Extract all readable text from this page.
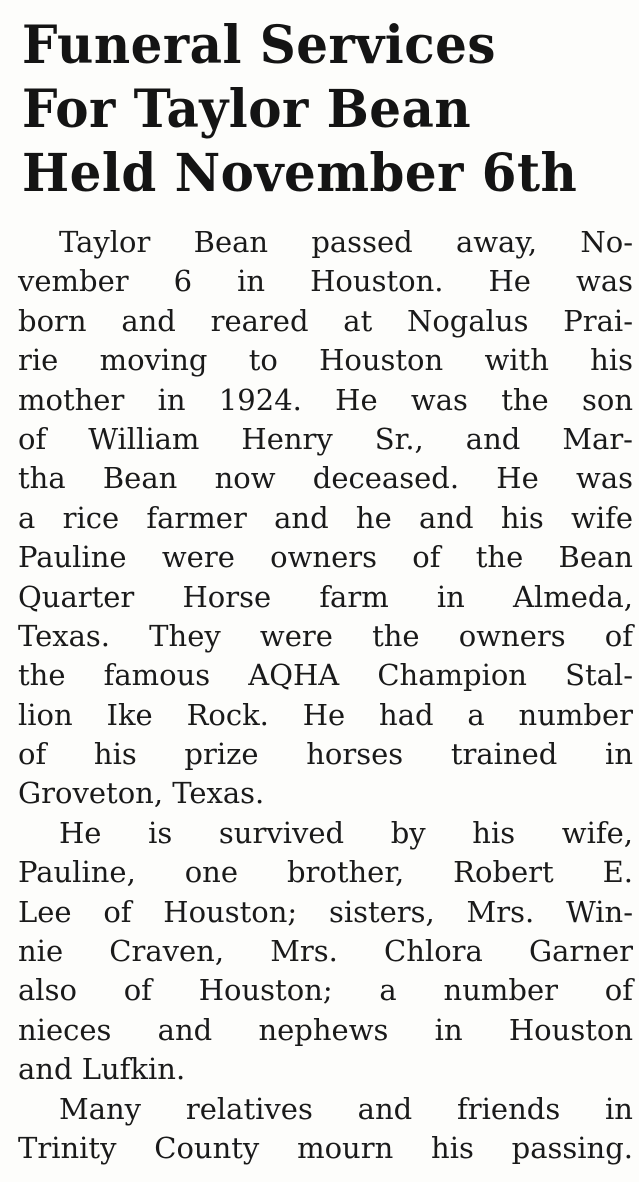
Funeral Services
For Taylor Bean
Held November 6th
Taylor Bean passed away, No-
vember 6 in Houston. He was
born and reared at Nogalus Prai-
rie moving to Houston with his
mother in 1924. He was the son
of William Henry Sr., and Mar-
tha Bean now deceased. He was
a rice farmer and he and his wife
Pauline were owners of the Bean
Quarter Horse farm in Almeda,
Texas. They were the owners of
the famous AQHA Champion Stal-
lion Ike Rock. He had a number
of his prize horses trained in
Groveton, Texas.
He is survived by his wife,
Pauline, one brother, Robert E.
Lee of Houston; sisters, Mrs. Win-
nie Craven, Mrs. Chlora Garner
also of Houston; a number of
nieces and nephews in Houston
and Lufkin.
Many relatives and friends in
Trinity County mourn his passing.
